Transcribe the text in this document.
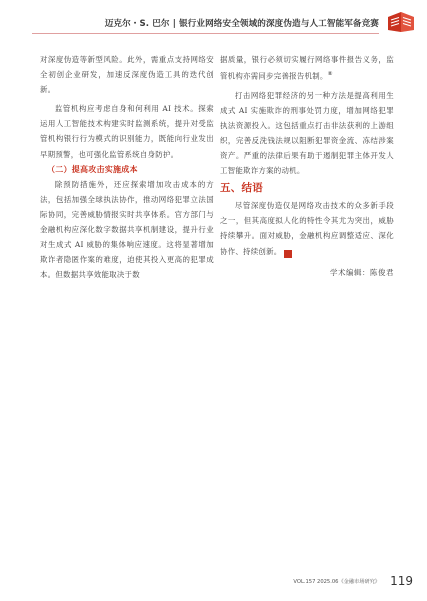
迈克尔・S. 巴尔 | 银行业网络安全领域的深度伪造与人工智能军备竞赛

对深度伪造等新型风险。此外，需重点支持网络安全初创企业研发，加速反深度伪造工具的迭代创新。

监管机构应考虑自身和何利用 AI 技术。探索运用人工智能技术构建实时监测系统，提升对受监管机构银行行为模式的识别能力，既能向行业发出早期预警，也可强化监管系统自身防护。

（二）提高攻击实施成本

除预防措施外，还应探索增加攻击成本的方法，包括加强全球执法协作，推动网络犯罪立法国际协同，完善威胁情报实时共享体系。官方部门与金融机构应深化数字数据共享机制建设，提升行业对生成式 AI 威胁的集体响应速度。这将显著增加欺诈者隐匿作案的难度，迫使其投入更高的犯罪成本。但数据共享效能取决于数

据质量，银行必须切实履行网络事件报告义务，监管机构亦需同步完善报告机制。⑧

打击网络犯罪经济的另一种方法是提高利用生成式 AI 实施欺诈的刑事处罚力度，增加网络犯罪执法资源投入。这包括重点打击非法获利的上游组织，完善反洗钱法规以阻断犯罪资金流、冻结涉案资产。严重的法律后果有助于遏制犯罪主体开发人工智能欺诈方案的动机。

五、结语

尽管深度伪造仅是网络攻击技术的众多新手段之一，但其高度拟人化的特性令其尤为突出，威胁持续攀升。面对威胁，金融机构应调整适应、深化协作、持续创新。	N

学术编辑：陈俊君
VOL.157 2025.06《金融市场研究》 119
